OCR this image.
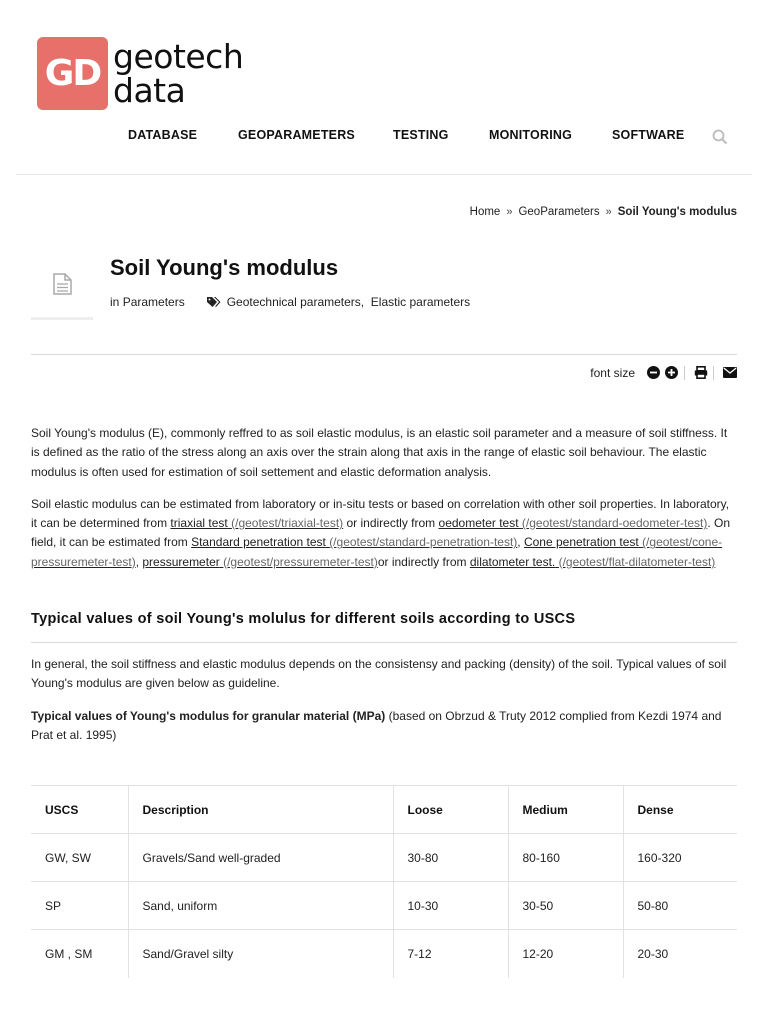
GD geotech
data
DATABASE	GEOPARAMETERS	TESTING	MONITORING	SOFTWARE
Home » GeoParameters » Soil Young's modulus
Soil Young's modulus
in
Parameters	Geotechnical parameters,
Elastic parameters
font size

Soil Young's modulus (E), commonly reffred to as soil elastic modulus, is an elastic soil parameter and a measure of soil stiffness. It is defined as the ratio of the stress along an axis over the strain along that axis in the range of elastic soil behaviour. The elastic modulus is often used for estimation of soil settement and elastic deformation analysis.

Soil elastic modulus can be estimated from laboratory or in-situ tests or based on correlation with other soil properties. In laboratory, it can be determined from triaxial test (/geotest/triaxial-test) or indirectly from oedometer test (/geotest/standard-oedometer-test). On field, it can be estimated from Standard penetration test (/geotest/standard-penetration-test), Cone penetration test (/geotest/cone-pressuremeter-test), pressuremeter (/geotest/pressuremeter-test)or indirectly from dilatometer test. (/geotest/flat-dilatometer-test)

Typical values of soil Young's molulus for different soils according to USCS

In general, the soil stiffness and elastic modulus depends on the consistensy and packing (density) of the soil. Typical values of soil Young's modulus are given below as guideline.

Typical values of Young's modulus for granular material (MPa) (based on Obrzud & Truty 2012 complied from Kezdi 1974 and Prat et al. 1995)

USCS	Description	Loose	Medium	Dense
GW, SW	Gravels/Sand well-graded	30-80	80-160	160-320
SP	Sand, uniform	10-30	30-50	50-80
GM , SM	Sand/Gravel silty	7-12	12-20	20-30
